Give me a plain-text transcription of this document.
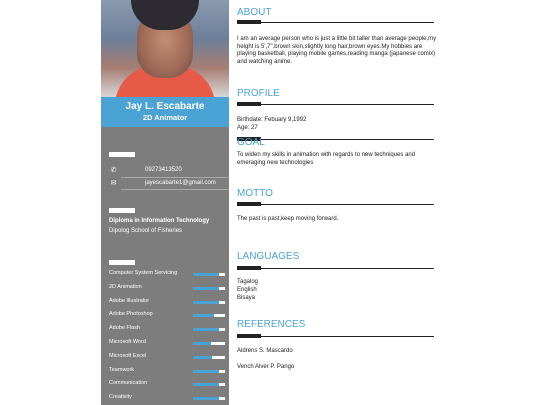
Jay L. Escabarte
2D Animator
✆	09273413520
✉	jayescabarte1@gmail.com
Diploma in Information Technology
Dipolog School of Fisheries
Computer System Servicing
2D Animation
Adobe Illustrator
Adobe Photoshop
Adobe Flash
Microsoft Word
Microsoft Excel
Teamwork
Communication
Creativity
ABOUT
I am an average person who is just a little bit taller than average people,my height is 5',7",brown skin,slightly long hair,brown eyes.My hobbies are playing basketball, playing mobile games,reading manga (japanese comix) and watching anime.
PROFILE
Birthdate: Febuary 9,1992
Age: 27
GOAL
To widen my skills in animation with regards to new techniques and emeraging new technologies
MOTTO
The past is past,keep moving forward.
LANGUAGES
Tagalog
English
Bisaya
REFERENCES
Aldrens S. Mascardo
Vench Alver P. Pango
